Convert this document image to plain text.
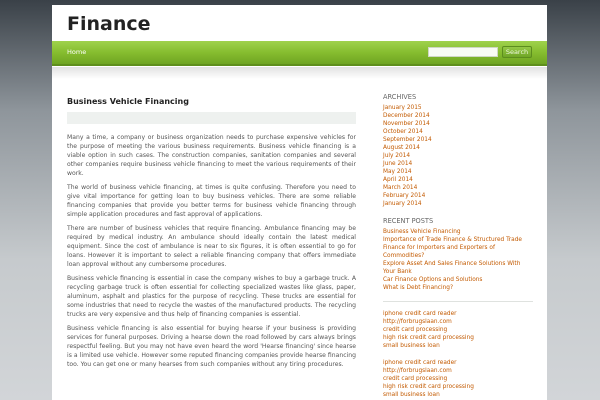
Finance
Home	Search
Business Vehicle Financing

Many a time, a company or business organization needs to purchase expensive vehicles for the purpose of meeting the various business requirements. Business vehicle financing is a viable option in such cases. The construction companies, sanitation companies and several other companies require business vehicle financing to meet the various requirements of their work.

The world of business vehicle financing, at times is quite confusing. Therefore you need to give vital importance for getting loan to buy business vehicles. There are some reliable financing companies that provide you better terms for business vehicle financing through simple application procedures and fast approval of applications.

There are number of business vehicles that require financing. Ambulance financing may be required by medical industry. An ambulance should ideally contain the latest medical equipment. Since the cost of ambulance is near to six figures, it is often essential to go for loans. However it is important to select a reliable financing company that offers immediate loan approval without any cumbersome procedures.

Business vehicle financing is essential in case the company wishes to buy a garbage truck. A recycling garbage truck is often essential for collecting specialized wastes like glass, paper, aluminum, asphalt and plastics for the purpose of recycling. These trucks are essential for some industries that need to recycle the wastes of the manufactured products. The recycling trucks are very expensive and thus help of financing companies is essential.

Business vehicle financing is also essential for buying hearse if your business is providing services for funeral purposes. Driving a hearse down the road followed by cars always brings respectful feeling. But you may not have even heard the word 'Hearse financing' since hearse is a limited use vehicle. However some reputed financing companies provide hearse financing too. You can get one or many hearses from such companies without any tiring procedures.

ARCHIVES
January 2015
December 2014
November 2014
October 2014
September 2014
August 2014
July 2014
June 2014
May 2014
April 2014
March 2014
February 2014
January 2014
RECENT POSTS
Business Vehicle Financing
Importance of Trade Finance & Structured Trade Finance for Importers and Exporters of Commodities?
Explore Asset And Sales Finance Solutions With Your Bank
Car Finance Options and Solutions
What is Debt Financing?
iphone credit card reader
http://forbrugslaan.com
credit card processing
high risk credit card processing
small business loan
iphone credit card reader
http://forbrugslaan.com
credit card processing
high risk credit card processing
small business loan
